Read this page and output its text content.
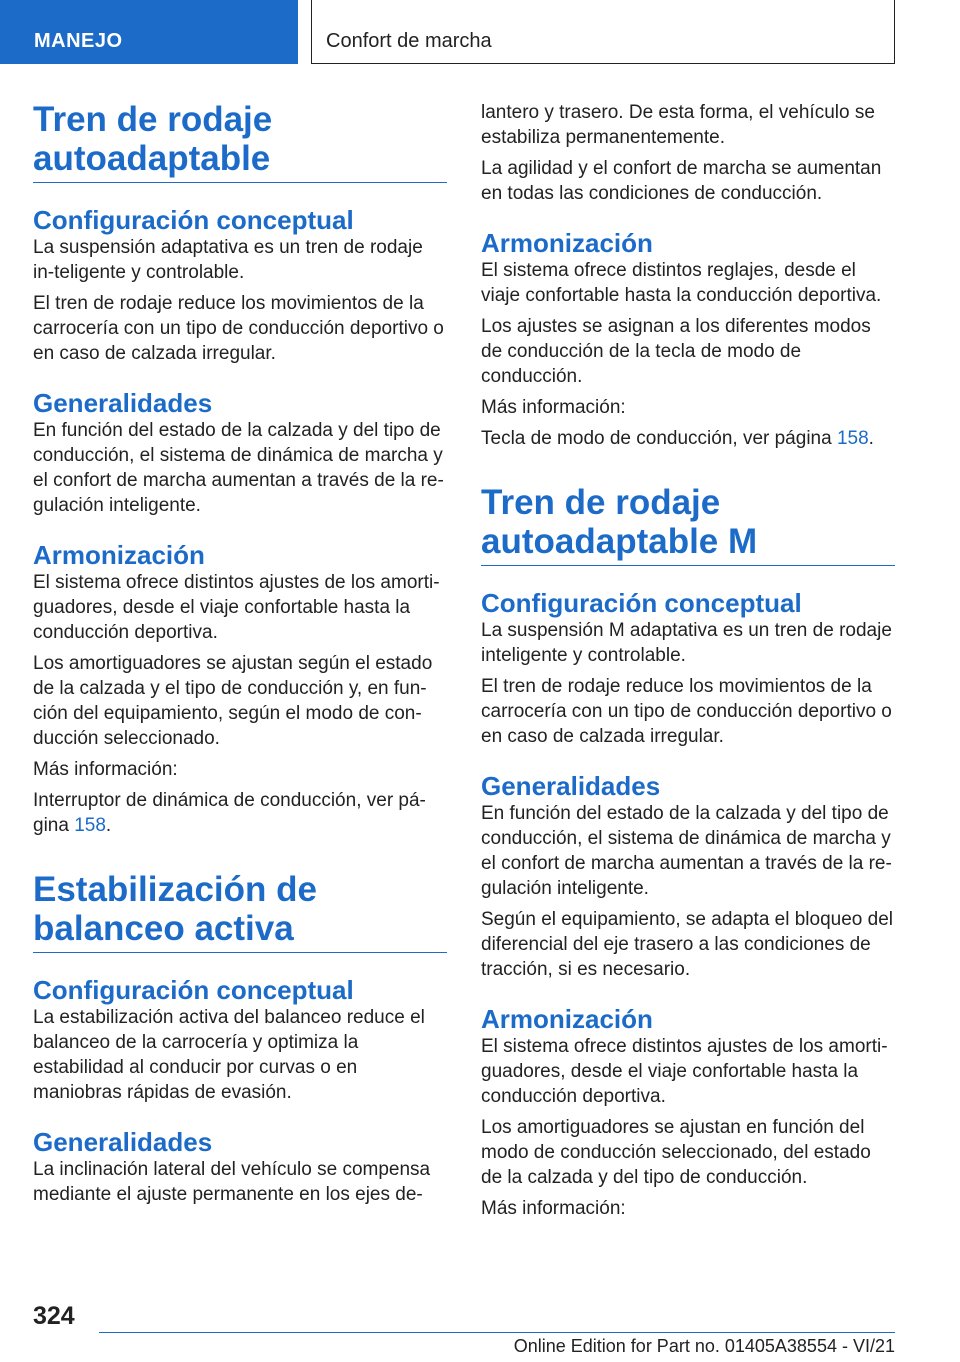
MANEJO	Confort de marcha
Tren de rodaje autoadaptable
Configuración conceptual

La suspensión adaptativa es un tren de rodaje in-teligente y controlable.

El tren de rodaje reduce los movimientos de la carrocería con un tipo de conducción deportivo o en caso de calzada irregular.

Generalidades

En función del estado de la calzada y del tipo de conducción, el sistema de dinámica de marcha y el confort de marcha aumentan a través de la re-gulación inteligente.

Armonización

El sistema ofrece distintos ajustes de los amorti-guadores, desde el viaje confortable hasta la conducción deportiva.

Los amortiguadores se ajustan según el estado de la calzada y el tipo de conducción y, en fun-ción del equipamiento, según el modo de con-ducción seleccionado.

Más información:

Interruptor de dinámica de conducción, ver pá-gina 158.

Estabilización de balanceo activa
Configuración conceptual

La estabilización activa del balanceo reduce el balanceo de la carrocería y optimiza la estabilidad al conducir por curvas o en maniobras rápidas de evasión.

Generalidades

La inclinación lateral del vehículo se compensa mediante el ajuste permanente en los ejes de-

lantero y trasero. De esta forma, el vehículo se estabiliza permanentemente.

La agilidad y el confort de marcha se aumentan en todas las condiciones de conducción.

Armonización

El sistema ofrece distintos reglajes, desde el viaje confortable hasta la conducción deportiva.

Los ajustes se asignan a los diferentes modos de conducción de la tecla de modo de conducción.

Más información:

Tecla de modo de conducción, ver página 158.

Tren de rodaje autoadaptable M
Configuración conceptual

La suspensión M adaptativa es un tren de rodaje inteligente y controlable.

El tren de rodaje reduce los movimientos de la carrocería con un tipo de conducción deportivo o en caso de calzada irregular.

Generalidades

En función del estado de la calzada y del tipo de conducción, el sistema de dinámica de marcha y el confort de marcha aumentan a través de la re-gulación inteligente.

Según el equipamiento, se adapta el bloqueo del diferencial del eje trasero a las condiciones de tracción, si es necesario.

Armonización

El sistema ofrece distintos ajustes de los amorti-guadores, desde el viaje confortable hasta la conducción deportiva.

Los amortiguadores se ajustan en función del modo de conducción seleccionado, del estado de la calzada y del tipo de conducción.

Más información:

324
Online Edition for Part no. 01405A38554 - VI/21
